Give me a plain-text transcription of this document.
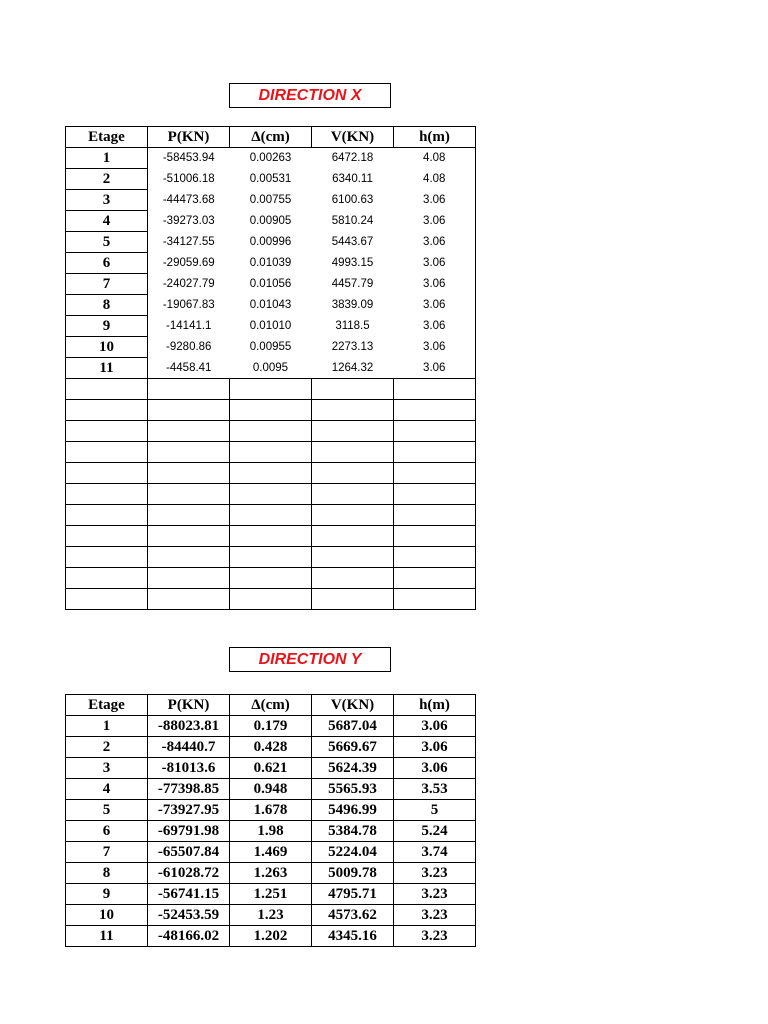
DIRECTION X
Etage	P(KN)	Δ(cm)	V(KN)	h(m)
1	-58453.94	0.00263	6472.18	4.08
2	-51006.18	0.00531	6340.11	4.08
3	-44473.68	0.00755	6100.63	3.06
4	-39273.03	0.00905	5810.24	3.06
5	-34127.55	0.00996	5443.67	3.06
6	-29059.69	0.01039	4993.15	3.06
7	-24027.79	0.01056	4457.79	3.06
8	-19067.83	0.01043	3839.09	3.06
9	-14141.1	0.01010	3118.5	3.06
10	-9280.86	0.00955	2273.13	3.06
11	-4458.41	0.0095	1264.32	3.06

DIRECTION Y
Etage	P(KN)	Δ(cm)	V(KN)	h(m)
1	-88023.81	0.179	5687.04	3.06
2	-84440.7	0.428	5669.67	3.06
3	-81013.6	0.621	5624.39	3.06
4	-77398.85	0.948	5565.93	3.53
5	-73927.95	1.678	5496.99	5
6	-69791.98	1.98	5384.78	5.24
7	-65507.84	1.469	5224.04	3.74
8	-61028.72	1.263	5009.78	3.23
9	-56741.15	1.251	4795.71	3.23
10	-52453.59	1.23	4573.62	3.23
11	-48166.02	1.202	4345.16	3.23
